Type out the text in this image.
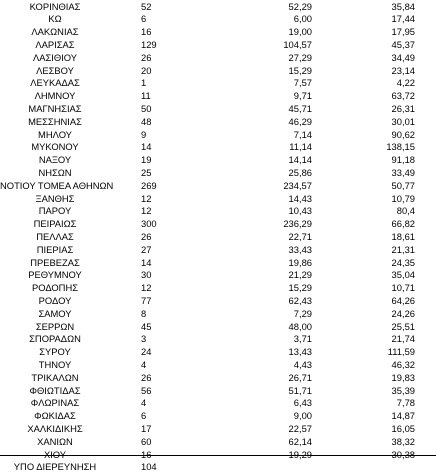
ΚΟΡΙΝΘΙΑΣ	52	52,29	35,84
ΚΩ	6	6,00	17,44
ΛΑΚΩΝΙΑΣ	16	19,00	17,95
ΛΑΡΙΣΑΣ	129	104,57	45,37
ΛΑΣΙΘΙΟΥ	26	27,29	34,49
ΛΕΣΒΟΥ	20	15,29	23,14
ΛΕΥΚΑΔΑΣ	1	7,57	4,22
ΛΗΜΝΟΥ	11	9,71	63,72
ΜΑΓΝΗΣΙΑΣ	50	45,71	26,31
ΜΕΣΣΗΝΙΑΣ	48	46,29	30,01
ΜΗΛΟΥ	9	7,14	90,62
ΜΥΚΟΝΟΥ	14	11,14	138,15
ΝΑΞΟΥ	19	14,14	91,18
ΝΗΣΩΝ	25	25,86	33,49
ΝΟΤΙΟΥ ΤΟΜΕΑ ΑΘΗΝΩΝ	269	234,57	50,77
ΞΑΝΘΗΣ	12	14,43	10,79
ΠΑΡΟΥ	12	10,43	80,4
ΠΕΙΡΑΙΩΣ	300	236,29	66,82
ΠΕΛΛΑΣ	26	22,71	18,61
ΠΙΕΡΙΑΣ	27	33,43	21,31
ΠΡΕΒΕΖΑΣ	14	19,86	24,35
ΡΕΘΥΜΝΟΥ	30	21,29	35,04
ΡΟΔΟΠΗΣ	12	15,29	10,71
ΡΟΔΟΥ	77	62,43	64,26
ΣΑΜΟΥ	8	7,29	24,26
ΣΕΡΡΩΝ	45	48,00	25,51
ΣΠΟΡΑΔΩΝ	3	3,71	21,74
ΣΥΡΟΥ	24	13,43	111,59
ΤΗΝΟΥ	4	4,43	46,32
ΤΡΙΚΑΛΩΝ	26	26,71	19,83
ΦΘΙΩΤΙΔΑΣ	56	51,71	35,39
ΦΛΩΡΙΝΑΣ	4	6,43	7,78
ΦΩΚΙΔΑΣ	6	9,00	14,87
ΧΑΛΚΙΔΙΚΗΣ	17	22,57	16,05
ΧΑΝΙΩΝ	60	62,14	38,32
ΧΙΟΥ	16	19,29	30,38
ΥΠΟ ΔΙΕΡΕΥΝΗΣΗ	104
